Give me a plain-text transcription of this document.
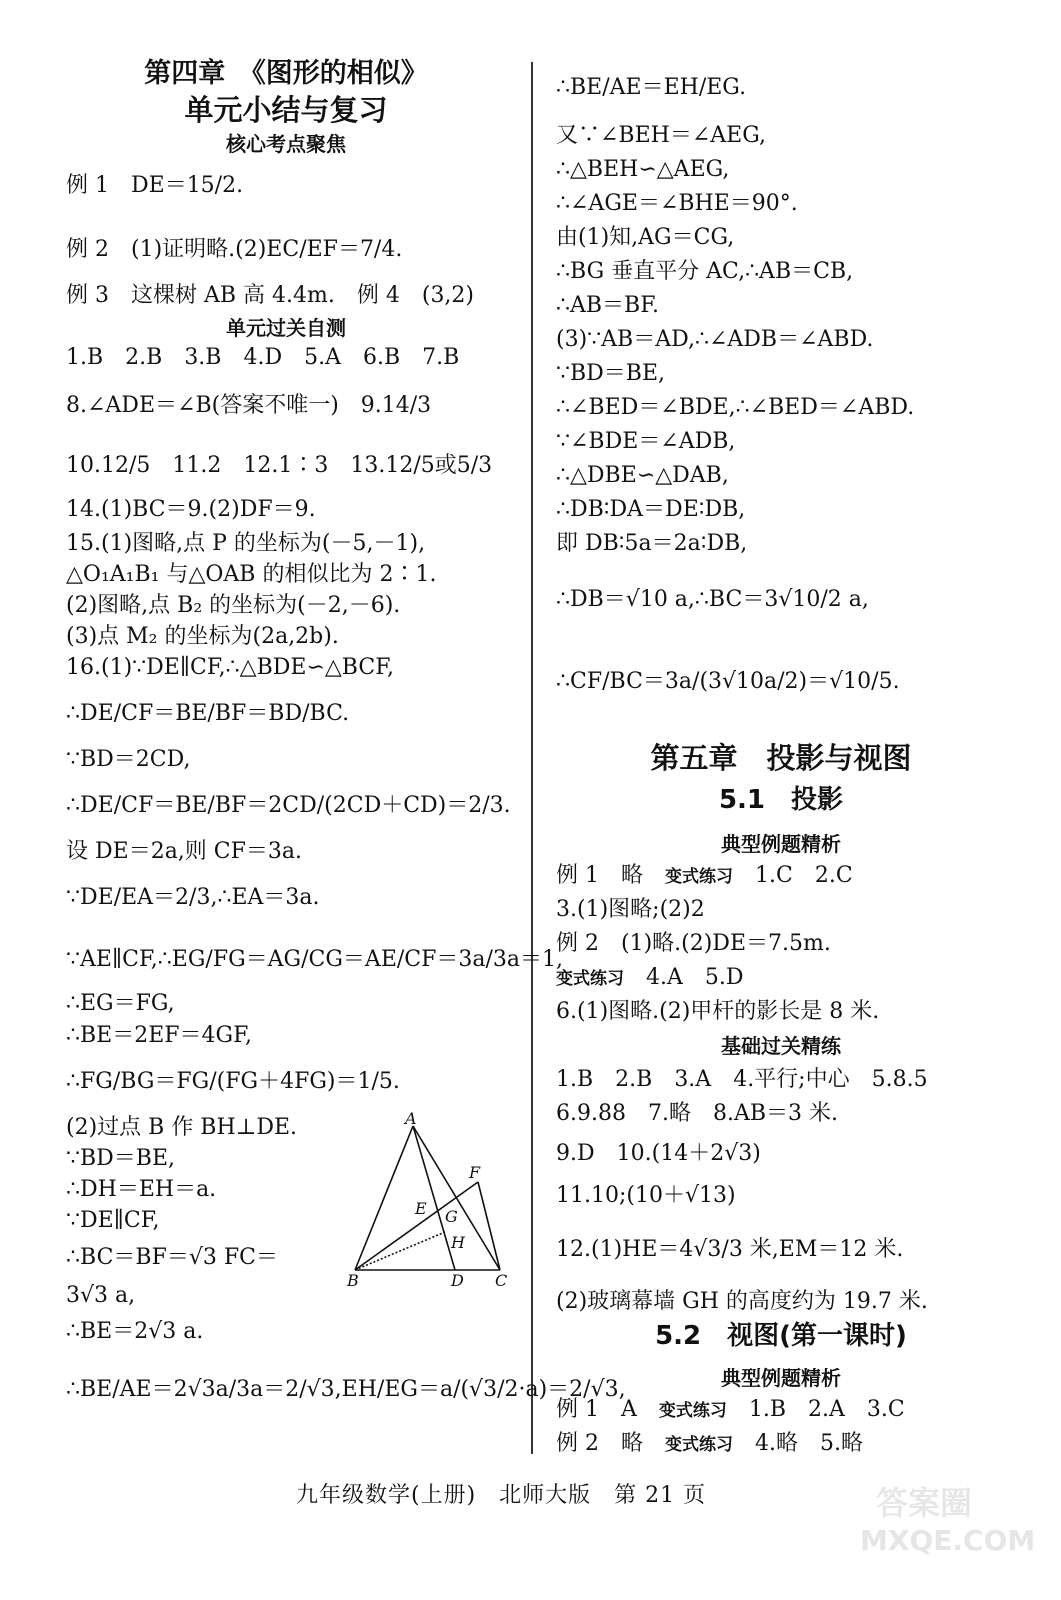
第四章　《图形的相似》
单元小结与复习
核心考点聚焦
例 1　DE＝15/2.
例 2　(1)证明略.(2)EC/EF＝7/4.
例 3　这棵树 AB 高 4.4m.　例 4　(3,2)
单元过关自测
1.B　2.B　3.B　4.D　5.A　6.B　7.B
8.∠ADE＝∠B(答案不唯一)　9.14/3
10.12/5　11.2　12.1∶3　13.12/5或5/3
14.(1)BC＝9.(2)DF＝9.
15.(1)图略,点 P 的坐标为(－5,－1),
△O₁A₁B₁ 与△OAB 的相似比为 2∶1.
(2)图略,点 B₂ 的坐标为(－2,－6).
(3)点 M₂ 的坐标为(2a,2b).
16.(1)∵DE∥CF,∴△BDE∽△BCF,
∴DE/CF＝BE/BF＝BD/BC.
∵BD＝2CD,
∴DE/CF＝BE/BF＝2CD/(2CD＋CD)＝2/3.
设 DE＝2a,则 CF＝3a.
∵DE/EA＝2/3,∴EA＝3a.
∵AE∥CF,∴EG/FG＝AG/CG＝AE/CF＝3a/3a＝1,
∴EG＝FG,
∴BE＝2EF＝4GF,
∴FG/BG＝FG/(FG＋4FG)＝1/5.
(2)过点 B 作 BH⊥DE.
∵BD＝BE,
∴DH＝EH＝a.
∵DE∥CF,
∴BC＝BF＝√3 FC＝
3√3 a,
∴BE＝2√3 a.
∴BE/AE＝2√3a/3a＝2/√3,EH/EG＝a/(√3/2·a)＝2/√3,
A
F
E G
H
B	D C
∴BE/AE＝EH/EG.
又∵∠BEH＝∠AEG,
∴△BEH∽△AEG,
∴∠AGE＝∠BHE＝90°.
由(1)知,AG＝CG,
∴BG 垂直平分 AC,∴AB＝CB,
∴AB＝BF.
(3)∵AB＝AD,∴∠ADB＝∠ABD.
∵BD＝BE,
∴∠BED＝∠BDE,∴∠BED＝∠ABD.
∵∠BDE＝∠ADB,
∴△DBE∽△DAB,
∴DB∶DA＝DE∶DB,
即 DB∶5a＝2a∶DB,
∴DB＝√10 a,∴BC＝3√10/2 a,
∴CF/BC＝3a/(3√10a/2)＝√10/5.
第五章　投影与视图
5.1　投影
典型例题精析
例 1　略　变式练习　1.C　2.C
3.(1)图略;(2)2
例 2　(1)略.(2)DE＝7.5m.
变式练习　4.A　5.D
6.(1)图略.(2)甲杆的影长是 8 米.
基础过关精练
1.B　2.B　3.A　4.平行;中心　5.8.5
6.9.88　7.略　8.AB＝3 米.
9.D　10.(14＋2√3)
11.10;(10＋√13)
12.(1)HE＝4√3/3 米,EM＝12 米.
(2)玻璃幕墙 GH 的高度约为 19.7 米.
5.2　视图(第一课时)
典型例题精析
例 1　A　变式练习　1.B　2.A　3.C
例 2　略　变式练习　4.略　5.略
九年级数学(上册)　北师大版　第 21 页	答案圈
MXQE.COM
